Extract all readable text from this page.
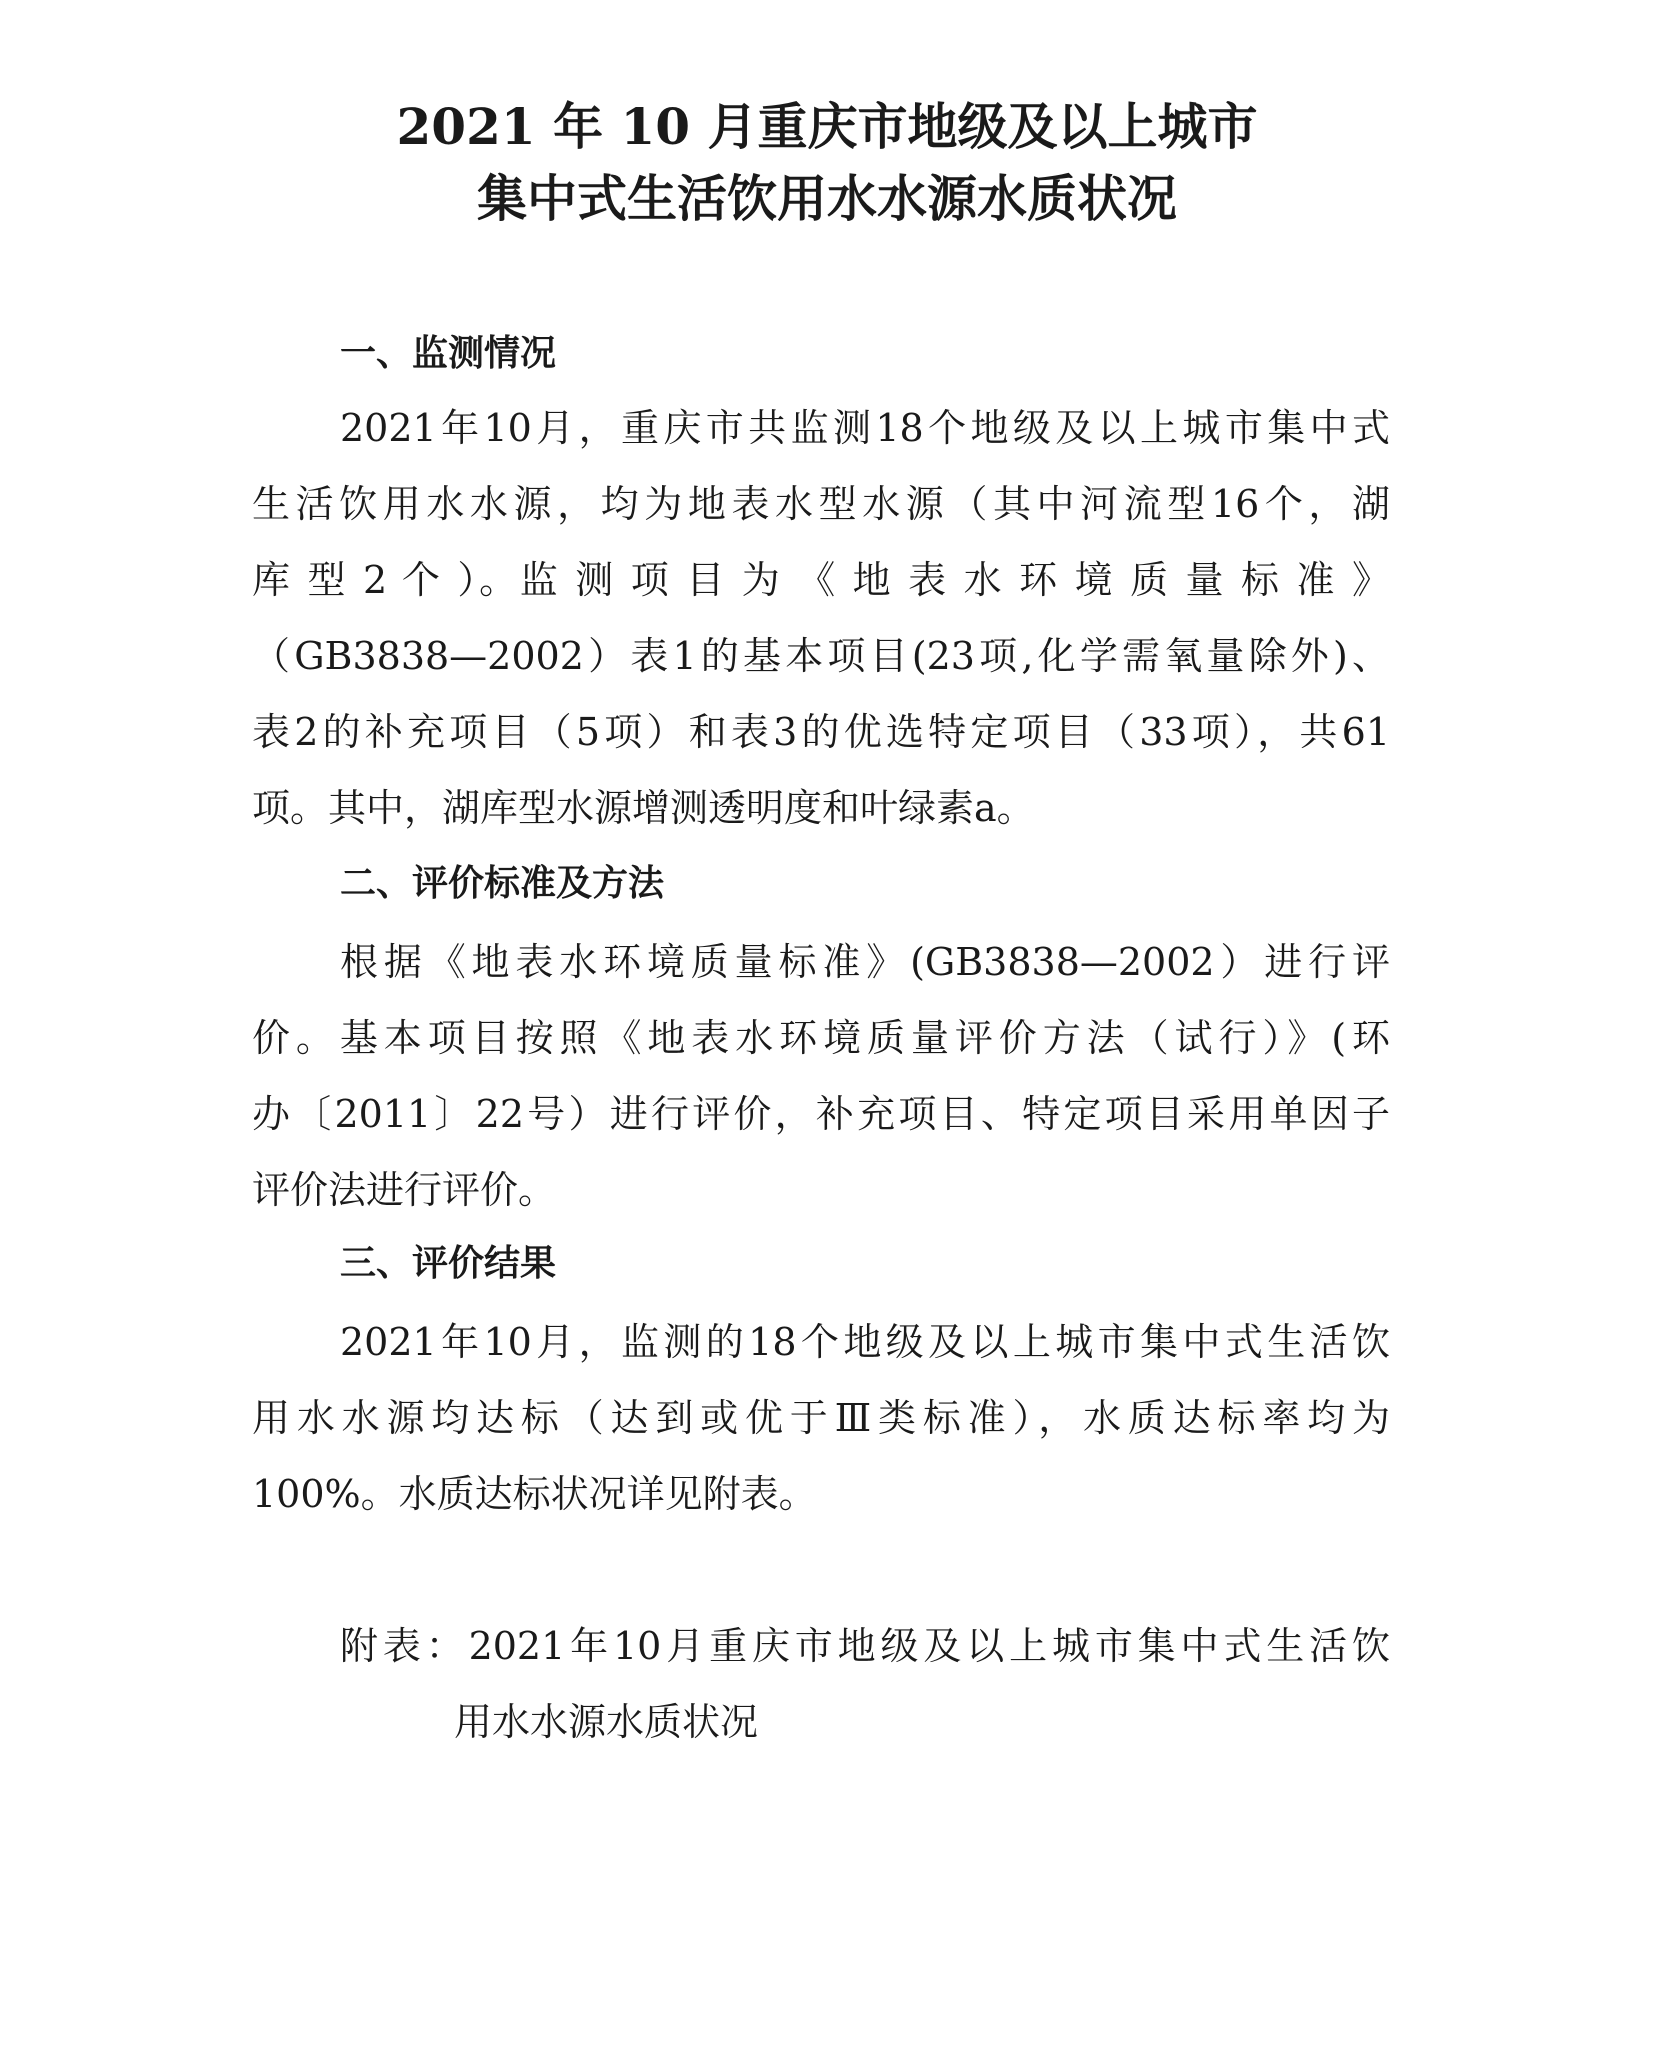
2021 年 10 月重庆市地级及以上城市
集中式生活饮用水水源水质状况
一、监测情况
2021年10月，重庆市共监测18个地级及以上城市集中式
生活饮用水水源，均为地表水型水源（其中河流型16个，湖
库 型 2 个 ）。监 测 项 目 为 《 地 表 水 环 境 质 量 标 准 》
（GB3838—2002）表1的基本项目(23项,化学需氧量除外)、
表2的补充项目（5项）和表3的优选特定项目（33项），共61
项。其中，湖库型水源增测透明度和叶绿素a。
二、评价标准及方法
根据《地表水环境质量标准》(GB3838—2002）进行评
价。基本项目按照《地表水环境质量评价方法（试行）》(环
办〔2011〕22号）进行评价，补充项目、特定项目采用单因子
评价法进行评价。
三、评价结果
2021年10月，监测的18个地级及以上城市集中式生活饮
用水水源均达标（达到或优于Ⅲ类标准），水质达标率均为
100%。水质达标状况详见附表。
附表：2021年10月重庆市地级及以上城市集中式生活饮
用水水源水质状况
